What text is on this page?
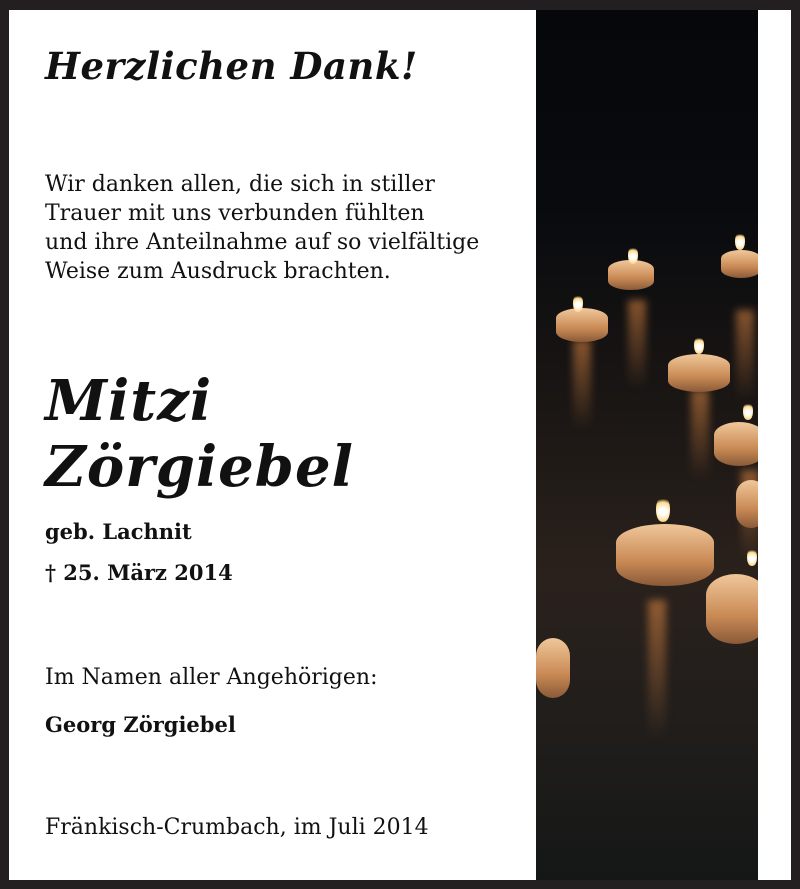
Herzlichen Dank!
Wir danken allen, die sich in stiller
Trauer mit uns verbunden fühlten
und ihre Anteilnahme auf so vielfältige
Weise zum Ausdruck brachten.
Mitzi
Zörgiebel
geb. Lachnit
† 25. März 2014
Im Namen aller Angehörigen:
Georg Zörgiebel
Fränkisch-Crumbach, im Juli 2014
